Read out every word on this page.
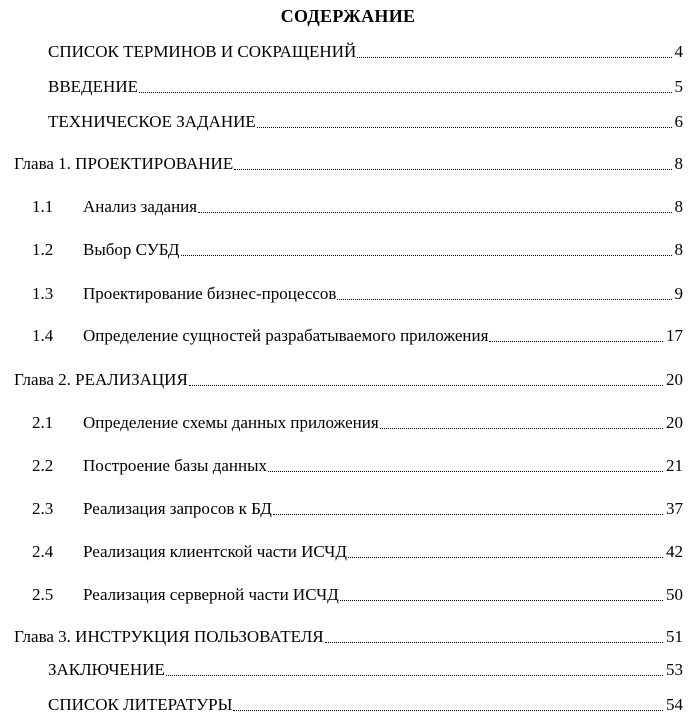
СОДЕРЖАНИЕ
СПИСОК ТЕРМИНОВ И СОКРАЩЕНИЙ	4
ВВЕДЕНИЕ	5
ТЕХНИЧЕСКОЕ ЗАДАНИЕ	6
Глава 1. ПРОЕКТИРОВАНИЕ	8
1.1 Анализ задания	8
1.2 Выбор СУБД	8
1.3 Проектирование бизнес-процессов	9
1.4 Определение сущностей разрабатываемого приложения	17
Глава 2. РЕАЛИЗАЦИЯ	20
2.1 Определение схемы данных приложения	20
2.2 Построение базы данных	21
2.3 Реализация запросов к БД	37
2.4 Реализация клиентской части ИСЧД	42
2.5 Реализация серверной части ИСЧД	50
Глава 3. ИНСТРУКЦИЯ ПОЛЬЗОВАТЕЛЯ	51
ЗАКЛЮЧЕНИЕ	53
СПИСОК ЛИТЕРАТУРЫ	54
